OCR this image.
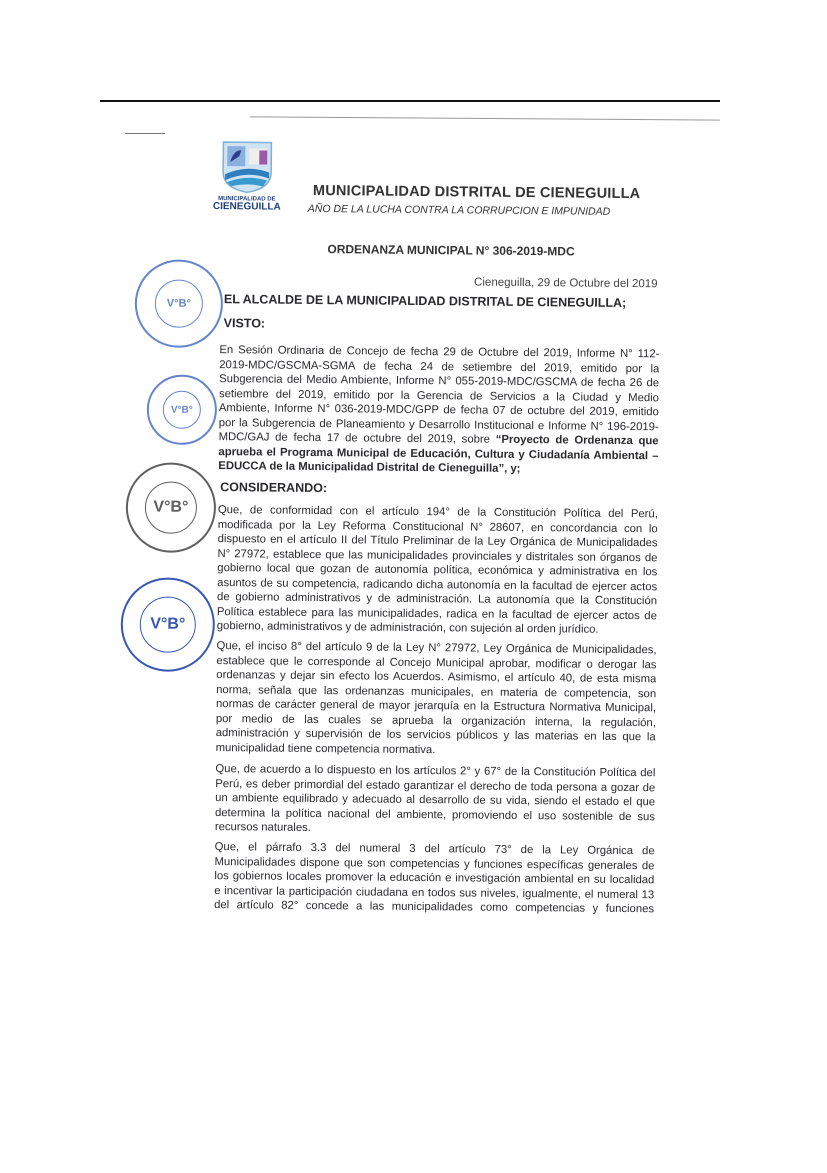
MUNICIPALIDAD DE
CIENEGUILLA
MUNICIPALIDAD DISTRITAL DE CIENEGUILLA
AÑO DE LA LUCHA CONTRA LA CORRUPCION E IMPUNIDAD
ORDENANZA MUNICIPAL N° 306-2019-MDC
Cieneguilla, 29 de Octubre del 2019
EL ALCALDE DE LA MUNICIPALIDAD DISTRITAL DE CIENEGUILLA;
VISTO:
En Sesión Ordinaria de Concejo de fecha 29 de Octubre del 2019, Informe N° 112-
2019-MDC/GSCMA-SGMA de fecha 24 de setiembre del 2019, emitido por la
Subgerencia del Medio Ambiente, Informe N° 055-2019-MDC/GSCMA de fecha 26 de
setiembre del 2019, emitido por la Gerencia de Servicios a la Ciudad y Medio
Ambiente, Informe N° 036-2019-MDC/GPP de fecha 07 de octubre del 2019, emitido
por la Subgerencia de Planeamiento y Desarrollo Institucional e Informe N° 196-2019-
MDC/GAJ de fecha 17 de octubre del 2019, sobre “Proyecto de Ordenanza que
aprueba el Programa Municipal de Educación, Cultura y Ciudadanía Ambiental –
EDUCCA de la Municipalidad Distrital de Cieneguilla”, y;
CONSIDERANDO:
Que, de conformidad con el artículo 194° de la Constitución Política del Perú,
modificada por la Ley Reforma Constitucional N° 28607, en concordancia con lo
dispuesto en el artículo II del Título Preliminar de la Ley Orgánica de Municipalidades
N° 27972, establece que las municipalidades provinciales y distritales son órganos de
gobierno local que gozan de autonomía política, económica y administrativa en los
asuntos de su competencia, radicando dicha autonomía en la facultad de ejercer actos
de gobierno administrativos y de administración. La autonomía que la Constitución
Política establece para las municipalidades, radica en la facultad de ejercer actos de
gobierno, administrativos y de administración, con sujeción al orden jurídico.
Que, el inciso 8° del artículo 9 de la Ley N° 27972, Ley Orgánica de Municipalidades,
establece que le corresponde al Concejo Municipal aprobar, modificar o derogar las
ordenanzas y dejar sin efecto los Acuerdos. Asimismo, el artículo 40, de esta misma
norma, señala que las ordenanzas municipales, en materia de competencia, son
normas de carácter general de mayor jerarquía en la Estructura Normativa Municipal,
por medio de las cuales se aprueba la organización interna, la regulación,
administración y supervisión de los servicios públicos y las materias en las que la
municipalidad tiene competencia normativa.
Que, de acuerdo a lo dispuesto en los artículos 2° y 67° de la Constitución Política del
Perú, es deber primordial del estado garantizar el derecho de toda persona a gozar de
un ambiente equilibrado y adecuado al desarrollo de su vida, siendo el estado el que
determina la política nacional del ambiente, promoviendo el uso sostenible de sus
recursos naturales.
Que, el párrafo 3.3 del numeral 3 del artículo 73° de la Ley Orgánica de
Municipalidades dispone que son competencias y funciones específicas generales de
los gobiernos locales promover la educación e investigación ambiental en su localidad
e incentivar la participación ciudadana en todos sus niveles, igualmente, el numeral 13
del artículo 82° concede a las municipalidades como competencias y funciones
V°B°
V°B°
V°B°
V°B°
